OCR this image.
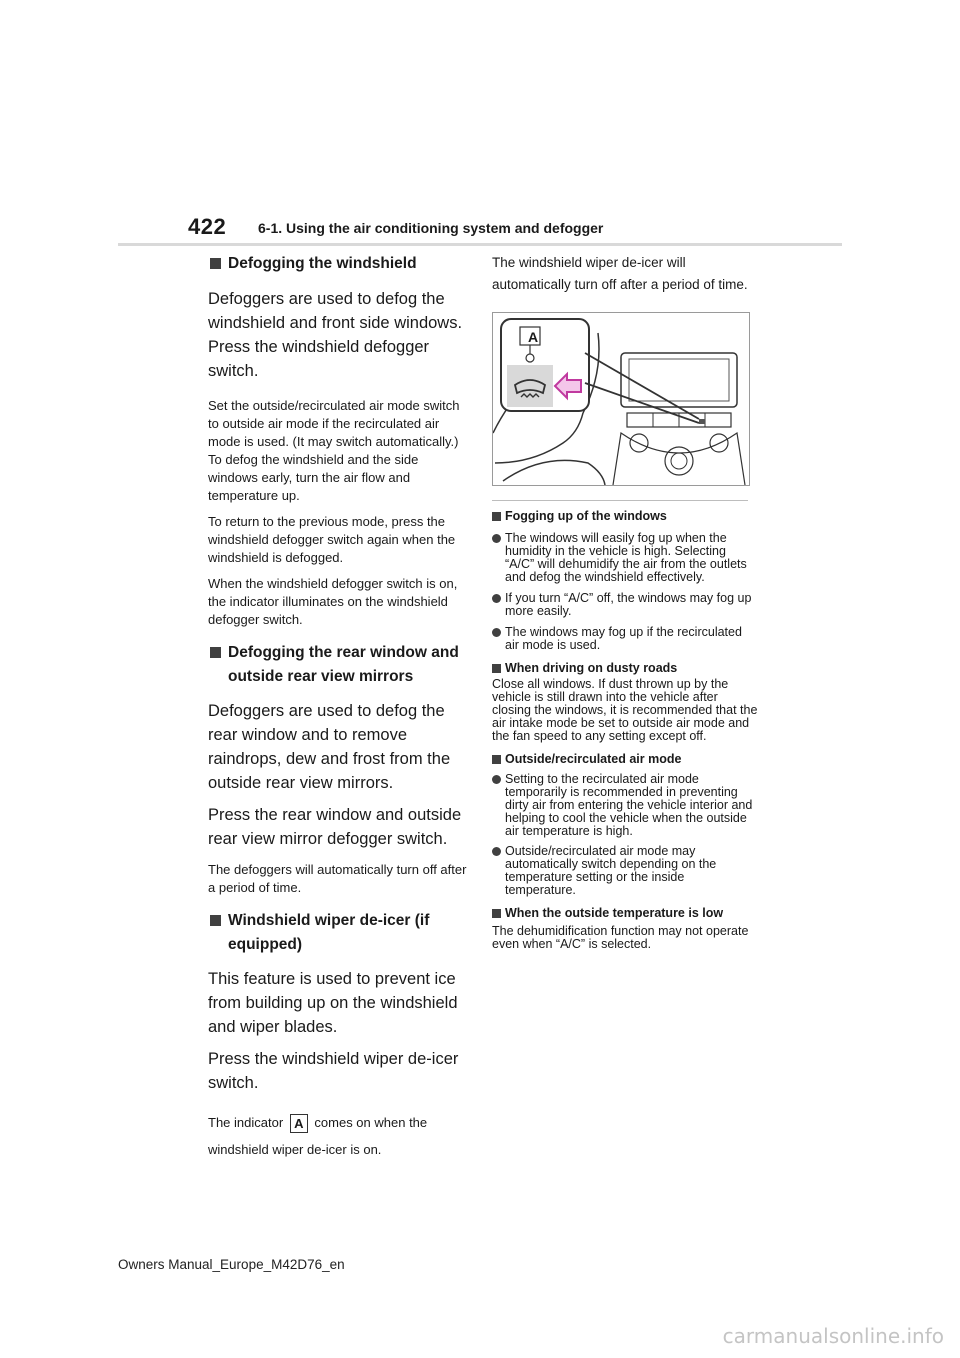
422 6-1. Using the air conditioning system and defogger
Defogging the windshield

Defoggers are used to defog the windshield and front side windows.

Press the windshield defogger switch.

Set the outside/recirculated air mode switch to outside air mode if the recirculated air mode is used. (It may switch automatically.)

To defog the windshield and the side windows early, turn the air flow and temperature up.

To return to the previous mode, press the windshield defogger switch again when the windshield is defogged.

When the windshield defogger switch is on, the indicator illuminates on the windshield defogger switch.

Defogging the rear window and outside rear view mirrors

Defoggers are used to defog the rear window and to remove raindrops, dew and frost from the outside rear view mirrors.

Press the rear window and outside rear view mirror defogger switch.

The defoggers will automatically turn off after a period of time.

Windshield wiper de-icer (if equipped)

This feature is used to prevent ice from building up on the windshield and wiper blades.

Press the windshield wiper de-icer switch.

The indicator A comes on when the windshield wiper de-icer is on.

The windshield wiper de-icer will automatically turn off after a period of time.

A
Fogging up of the windows
The windows will easily fog up when the humidity in the vehicle is high. Selecting “A/C” will dehumidify the air from the outlets and defog the windshield effectively.
If you turn “A/C” off, the windows may fog up more easily.
The windows may fog up if the recirculated air mode is used.
When driving on dusty roads
Close all windows. If dust thrown up by the vehicle is still drawn into the vehicle after closing the windows, it is recommended that the air intake mode be set to outside air mode and the fan speed to any setting except off.
Outside/recirculated air mode
Setting to the recirculated air mode temporarily is recommended in preventing dirty air from entering the vehicle interior and helping to cool the vehicle when the outside air temperature is high.
Outside/recirculated air mode may automatically switch depending on the temperature setting or the inside temperature.
When the outside temperature is low
The dehumidification function may not operate even when “A/C” is selected.
Owners Manual_Europe_M42D76_en
carmanualsonline.info
